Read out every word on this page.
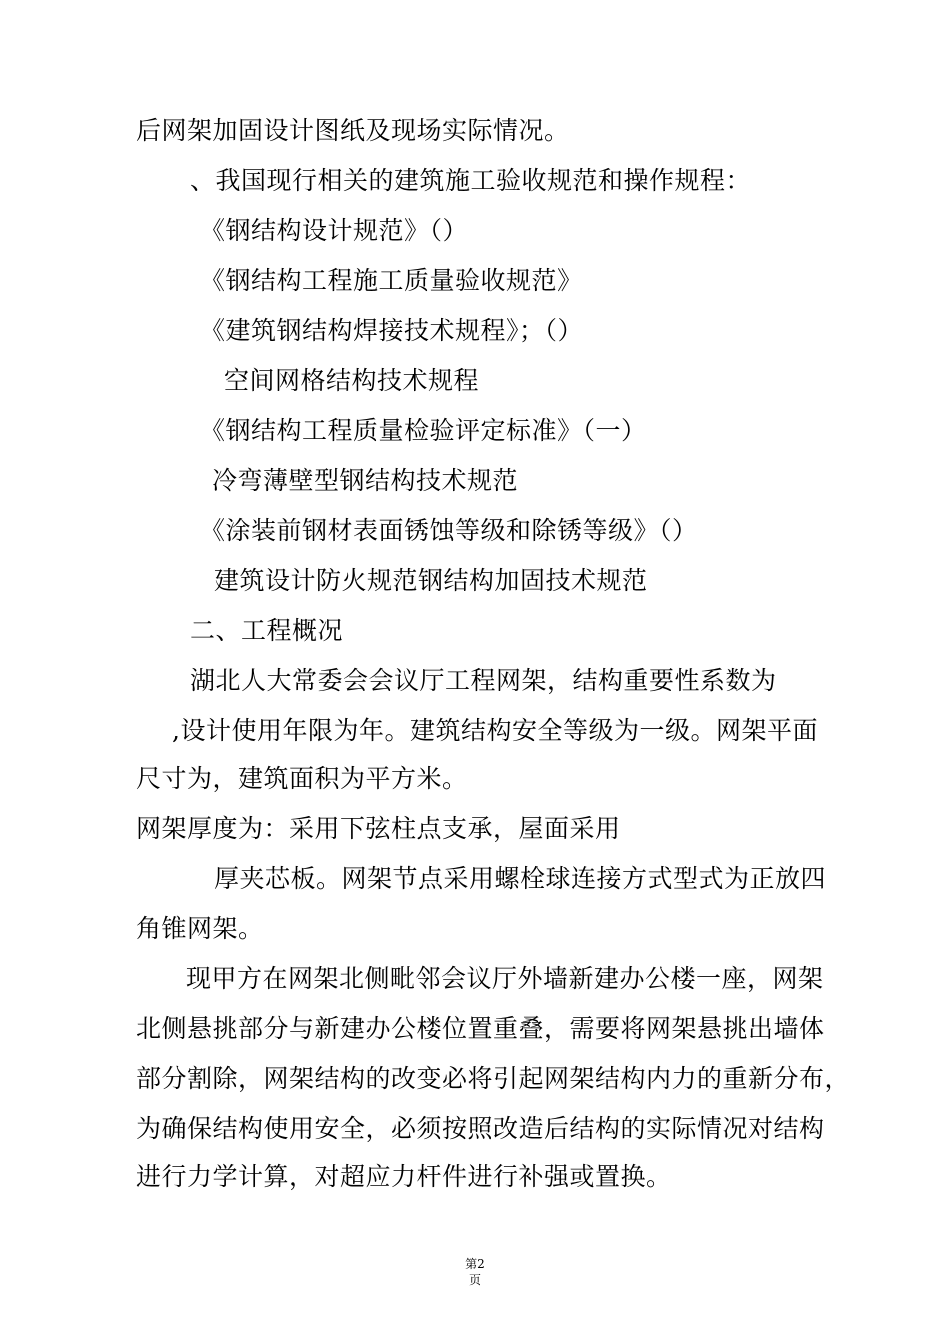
后网架加固设计图纸及现场实际情况。
、我国现行相关的建筑施工验收规范和操作规程：
《钢结构设计规范》（）
《钢结构工程施工质量验收规范》
《建筑钢结构焊接技术规程》；（）
空间网格结构技术规程
《钢结构工程质量检验评定标准》（一）
冷弯薄壁型钢结构技术规范
《涂装前钢材表面锈蚀等级和除锈等级》（）
建筑设计防火规范钢结构加固技术规范
二、工程概况
湖北人大常委会会议厅工程网架，结构重要性系数为
,设计使用年限为年。建筑结构安全等级为一级。网架平面
尺寸为，建筑面积为平方米。
网架厚度为：采用下弦柱点支承，屋面采用
厚夹芯板。网架节点采用螺栓球连接方式型式为正放四
角锥网架。
现甲方在网架北侧毗邻会议厅外墙新建办公楼一座，网架
北侧悬挑部分与新建办公楼位置重叠，需要将网架悬挑出墙体
部分割除，网架结构的改变必将引起网架结构内力的重新分布，
为确保结构使用安全，必须按照改造后结构的实际情况对结构
进行力学计算，对超应力杆件进行补强或置换。
第2
页
